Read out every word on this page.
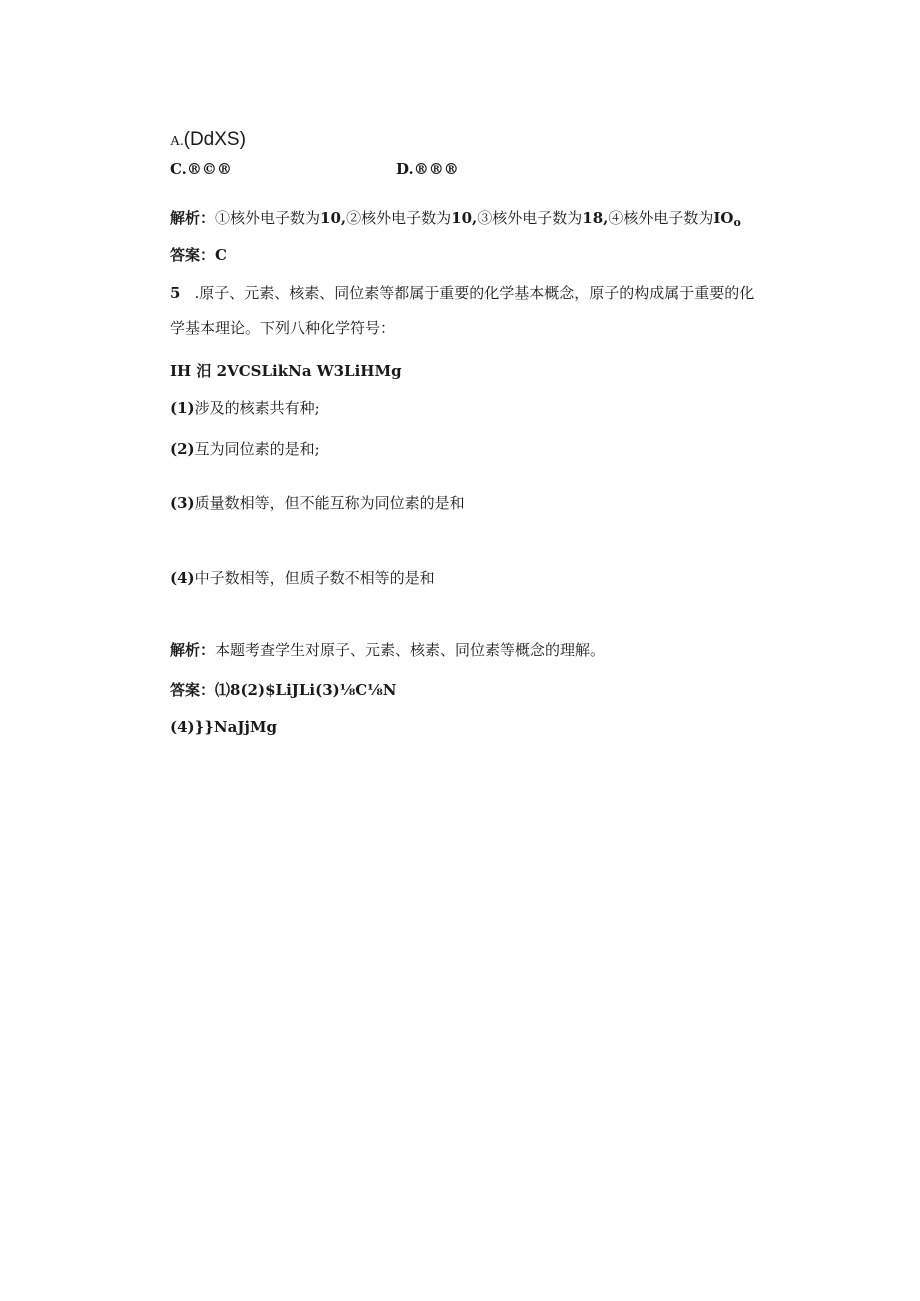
A.(DdXS)
C.®©®	D.®®®
解析：①核外电子数为10,②核外电子数为10,③核外电子数为18,④核外电子数为$IO_o$
答案：C
5 .原子、元素、核素、同位素等都属于重要的化学基本概念，原子的构成属于重要的化
学基本理论。下列八种化学符号：
IH 汨 2VCSLikNa W3LiHMg
(1)涉及的核素共有种;
(2)互为同位素的是和;
(3)质量数相等，但不能互称为同位素的是和
(4)中子数相等，但质子数不相等的是和
解析：本题考查学生对原子、元素、核素、同位素等概念的理解。
答案：⑴8(2)$LiJLi(3)⅛C⅛N
(4)}}NaJjMg
